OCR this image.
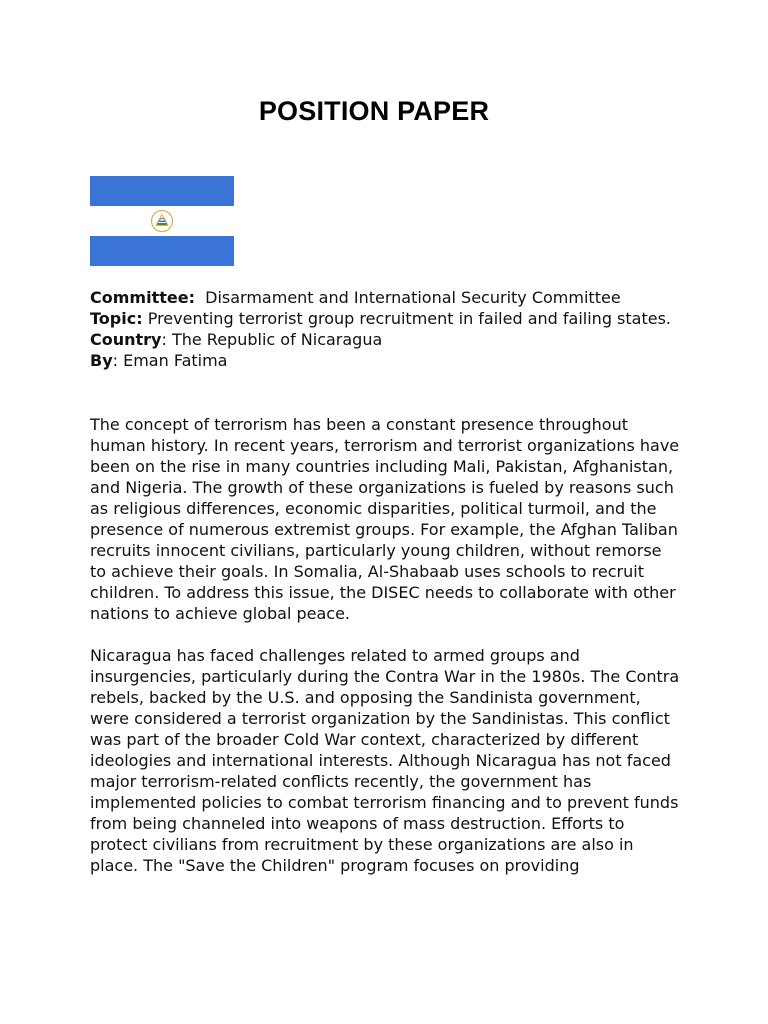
POSITION PAPER
Committee:  Disarmament and International Security Committee
Topic: Preventing terrorist group recruitment in failed and failing states.
Country: The Republic of Nicaragua
By: Eman Fatima

The concept of terrorism has been a constant presence throughout human history. In recent years, terrorism and terrorist organizations have been on the rise in many countries including Mali, Pakistan, Afghanistan, and Nigeria. The growth of these organizations is fueled by reasons such as religious differences, economic disparities, political turmoil, and the presence of numerous extremist groups. For example, the Afghan Taliban recruits innocent civilians, particularly young children, without remorse to achieve their goals. In Somalia, Al-Shabaab uses schools to recruit children. To address this issue, the DISEC needs to collaborate with other nations to achieve global peace.

Nicaragua has faced challenges related to armed groups and insurgencies, particularly during the Contra War in the 1980s. The Contra rebels, backed by the U.S. and opposing the Sandinista government, were considered a terrorist organization by the Sandinistas. This conflict was part of the broader Cold War context, characterized by different ideologies and international interests. Although Nicaragua has not faced major terrorism-related conflicts recently, the government has implemented policies to combat terrorism financing and to prevent funds from being channeled into weapons of mass destruction. Efforts to protect civilians from recruitment by these organizations are also in place. The "Save the Children" program focuses on providing
